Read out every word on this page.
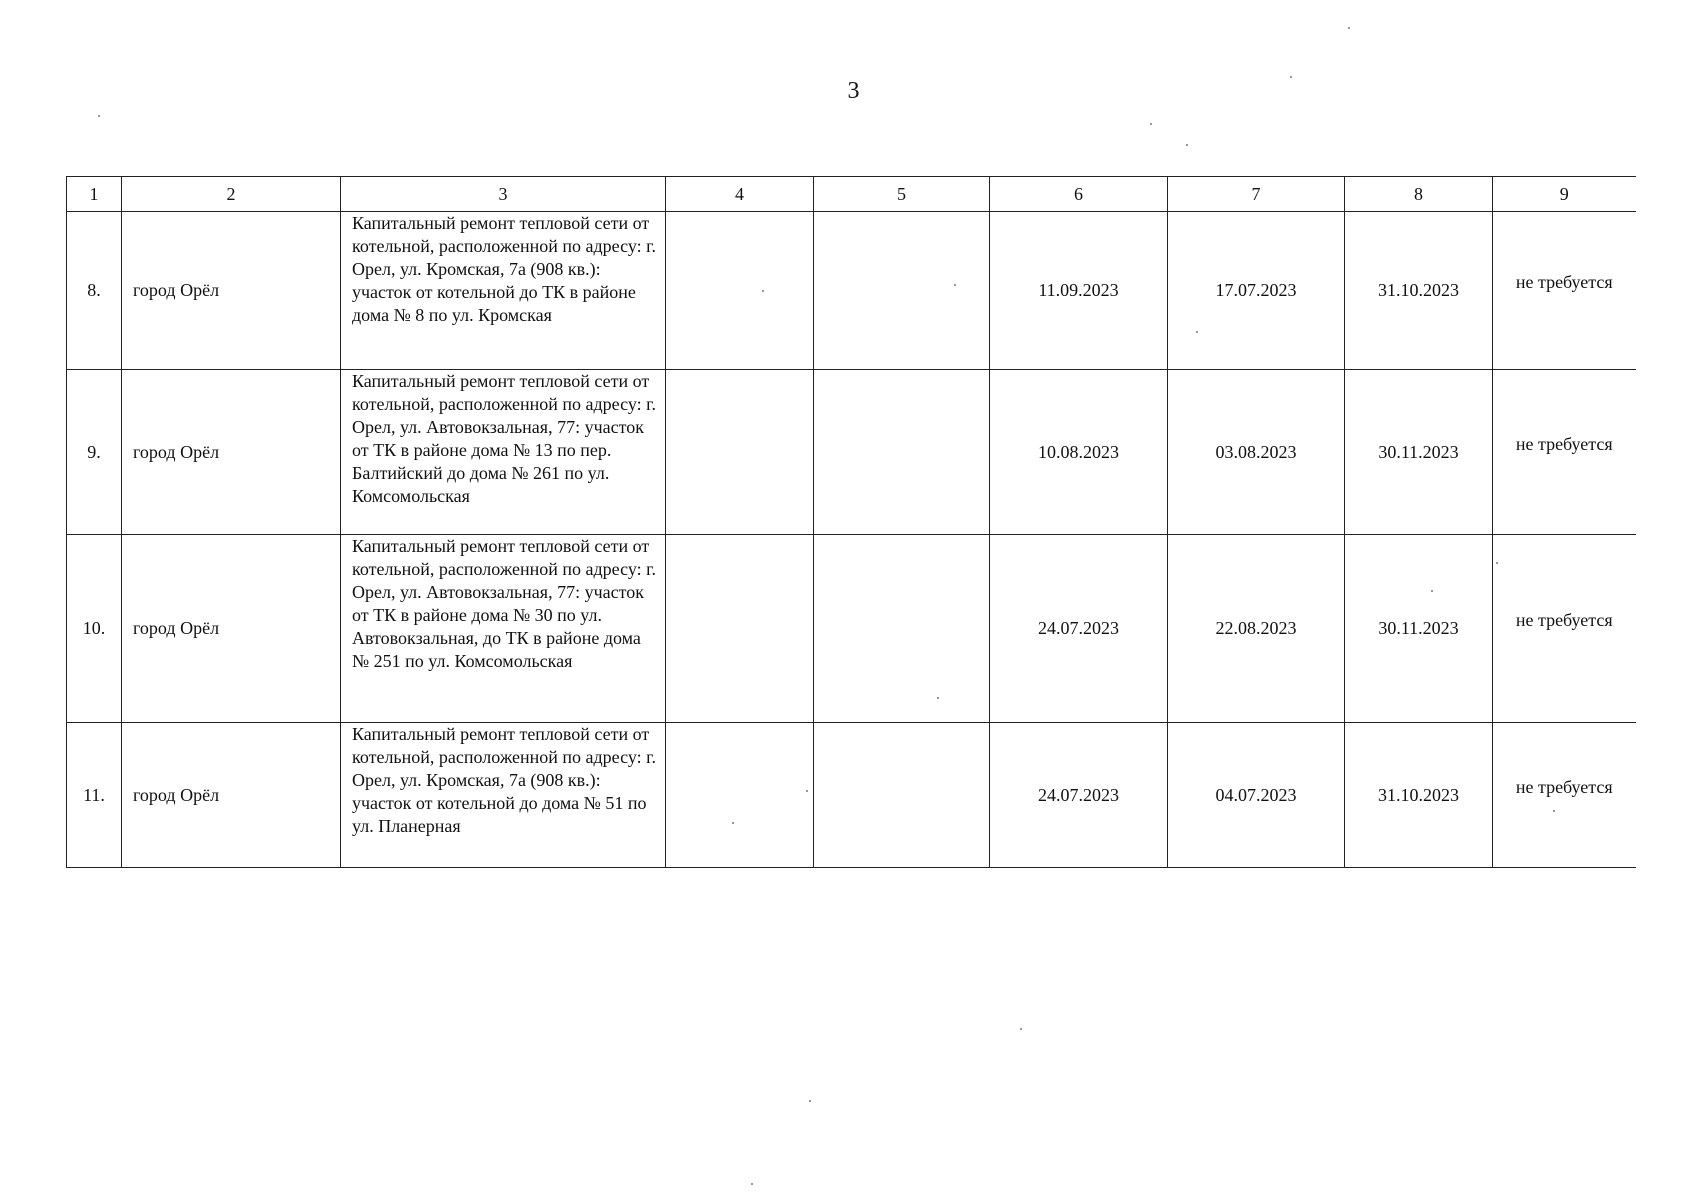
3
1	2	3	4	5	6	7	8	9
8.	город Орёл	Капитальный ремонт тепловой сети от котельной, расположенной по адресу: г. Орел, ул. Кромская, 7а (908 кв.): участок от котельной до ТК в районе дома № 8 по ул. Кромская			11.09.2023	17.07.2023	31.10.2023	не требуется
9.	город Орёл	Капитальный ремонт тепловой сети от котельной, расположенной по адресу: г. Орел, ул. Автовокзальная, 77: участок от ТК в районе дома № 13 по пер. Балтийский до дома № 261 по ул. Комсомольская			10.08.2023	03.08.2023	30.11.2023	не требуется
10.	город Орёл	Капитальный ремонт тепловой сети от котельной, расположенной по адресу: г. Орел, ул. Автовокзальная, 77: участок от ТК в районе дома № 30 по ул. Автовокзальная, до ТК в районе дома № 251 по ул. Комсомольская			24.07.2023	22.08.2023	30.11.2023	не требуется
11.	город Орёл	Капитальный ремонт тепловой сети от котельной, расположенной по адресу: г. Орел, ул. Кромская, 7а (908 кв.): участок от котельной до дома № 51 по ул. Планерная			24.07.2023	04.07.2023	31.10.2023	не требуется
